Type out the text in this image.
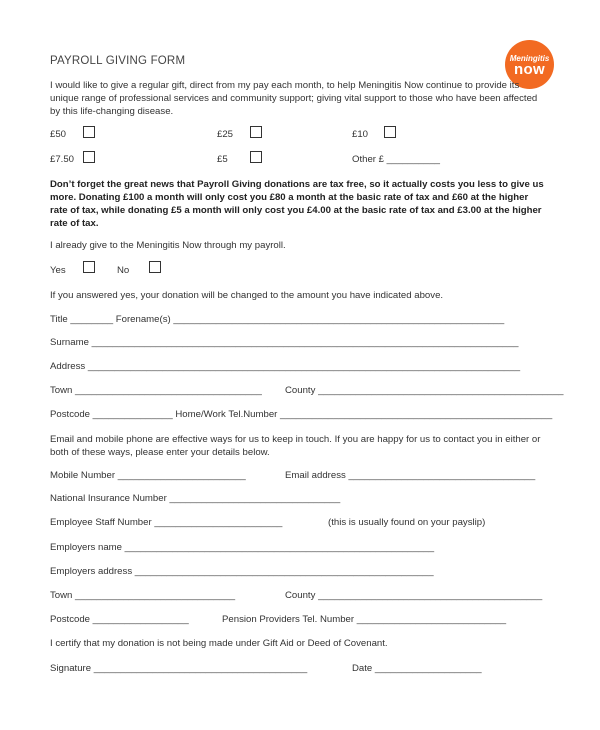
Meningitis
now
PAYROLL GIVING FORM
I would like to give a regular gift, direct from my pay each month, to help Meningitis Now continue to provide its unique range of professional services and community support; giving vital support to those who have been affected by this life-changing disease.
£50	£25	£10
£7.50	£5	Other £ __________
Don’t forget the great news that Payroll Giving donations are tax free, so it actually costs you less to give us more. Donating £100 a month will only cost you £80 a month at the basic rate of tax and £60 at the higher rate of tax, while donating £5 a month will only cost you £4.00 at the basic rate of tax and £3.00 at the higher rate of tax.
I already give to the Meningitis Now through my payroll.
Yes	No
If you answered yes, your donation will be changed to the amount you have indicated above.
Title ________ Forename(s) ______________________________________________________________
Surname ________________________________________________________________________________
Address _________________________________________________________________________________
Town ___________________________________ County ______________________________________________
Postcode _______________ Home/Work Tel.Number ___________________________________________________
Email and mobile phone are effective ways for us to keep in touch. If you are happy for us to contact you in either or both of these ways, please enter your details below.
Mobile Number ________________________	Email address ___________________________________
National Insurance Number ________________________________
Employee Staff Number ________________________	(this is usually found on your payslip)
Employers name __________________________________________________________
Employers address ________________________________________________________
Town ______________________________	County __________________________________________
Postcode __________________	Pension Providers Tel. Number ____________________________
I certify that my donation is not being made under Gift Aid or Deed of Covenant.
Signature ________________________________________	Date ____________________
